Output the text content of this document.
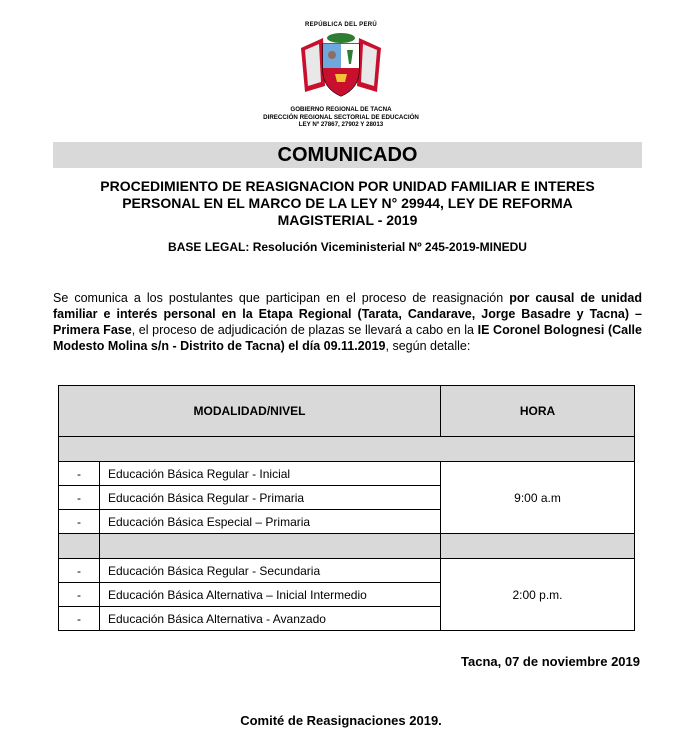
REPÚBLICA DEL PERÚ
GOBIERNO REGIONAL DE TACNA
DIRECCIÓN REGIONAL SECTORIAL DE EDUCACIÓN
LEY Nº 27867, 27902 Y 28013
COMUNICADO
PROCEDIMIENTO DE REASIGNACION POR UNIDAD FAMILIAR E INTERES
PERSONAL EN EL MARCO DE LA LEY N° 29944, LEY DE REFORMA
MAGISTERIAL - 2019
BASE LEGAL: Resolución Viceministerial Nº 245-2019-MINEDU
Se comunica a los postulantes que participan en el proceso de reasignación por causal de unidad familiar e interés personal en la Etapa Regional (Tarata, Candarave, Jorge Basadre y Tacna) – Primera Fase, el proceso de adjudicación de plazas se llevará a cabo en la IE Coronel Bolognesi (Calle Modesto Molina s/n - Distrito de Tacna) el día 09.11.2019, según detalle:
MODALIDAD/NIVEL		HORA

-	Educación Básica Regular - Inicial	9:00 a.m
-	Educación Básica Regular - Primaria	
-	Educación Básica Especial – Primaria	

-	Educación Básica Regular - Secundaria	2:00 p.m.
-	Educación Básica Alternativa – Inicial Intermedio	
-	Educación Básica Alternativa - Avanzado	
Tacna, 07 de noviembre 2019
Comité de Reasignaciones 2019.
